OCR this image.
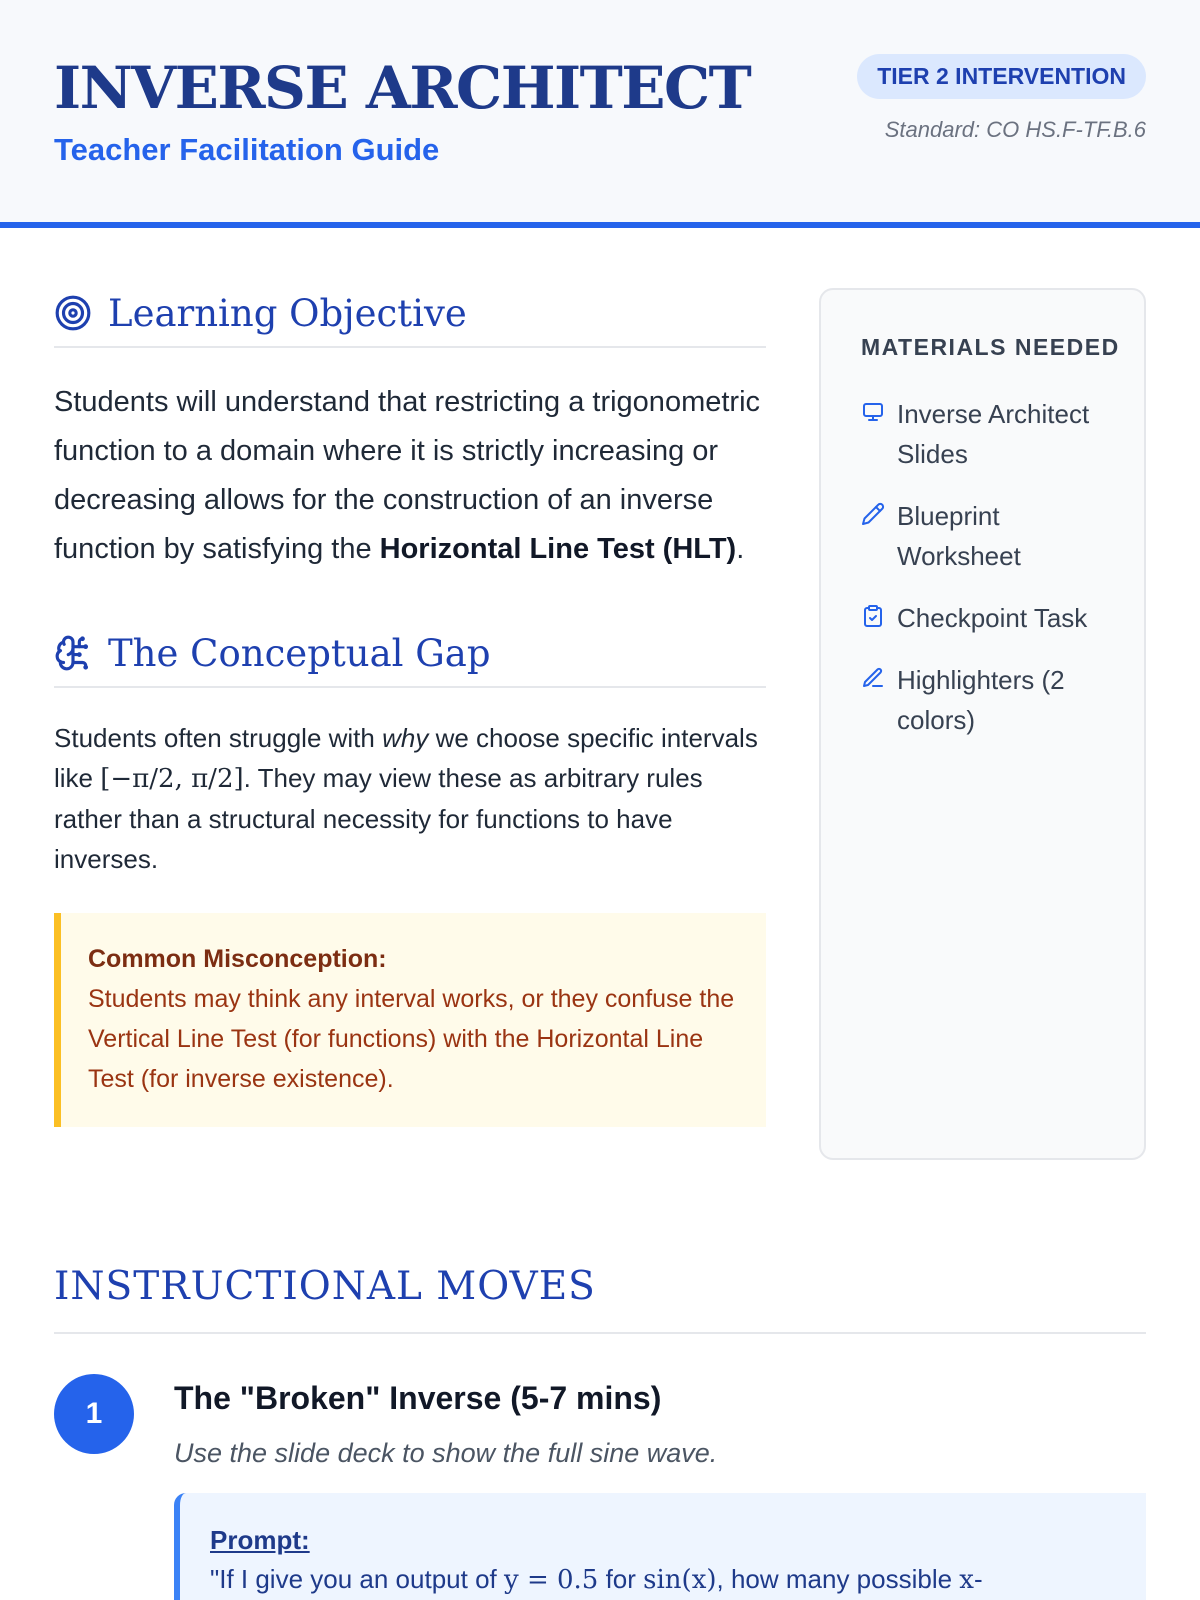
INVERSE ARCHITECT
Teacher Facilitation Guide
TIER 2 INTERVENTION
Standard: CO HS.F-TF.B.6
Learning Objective

Students will understand that restricting a trigonometric function to a domain where it is strictly increasing or decreasing allows for the construction of an inverse function by satisfying the Horizontal Line Test (HLT).

The Conceptual Gap

Students often struggle with why we choose specific intervals like [−π/2, π/2]. They may view these as arbitrary rules rather than a structural necessity for functions to have inverses.

Common Misconception:
Students may think any interval works, or they confuse the Vertical Line Test (for functions) with the Horizontal Line Test (for inverse existence).
MATERIALS NEEDED
Inverse Architect Slides
Blueprint Worksheet
Checkpoint Task
Highlighters (2 colors)
INSTRUCTIONAL MOVES
1	The "Broken" Inverse (5-7 mins)
Use the slide deck to show the full sine wave.
Prompt:
"If I give you an output of y = 0.5 for sin(x), how many possible x-
